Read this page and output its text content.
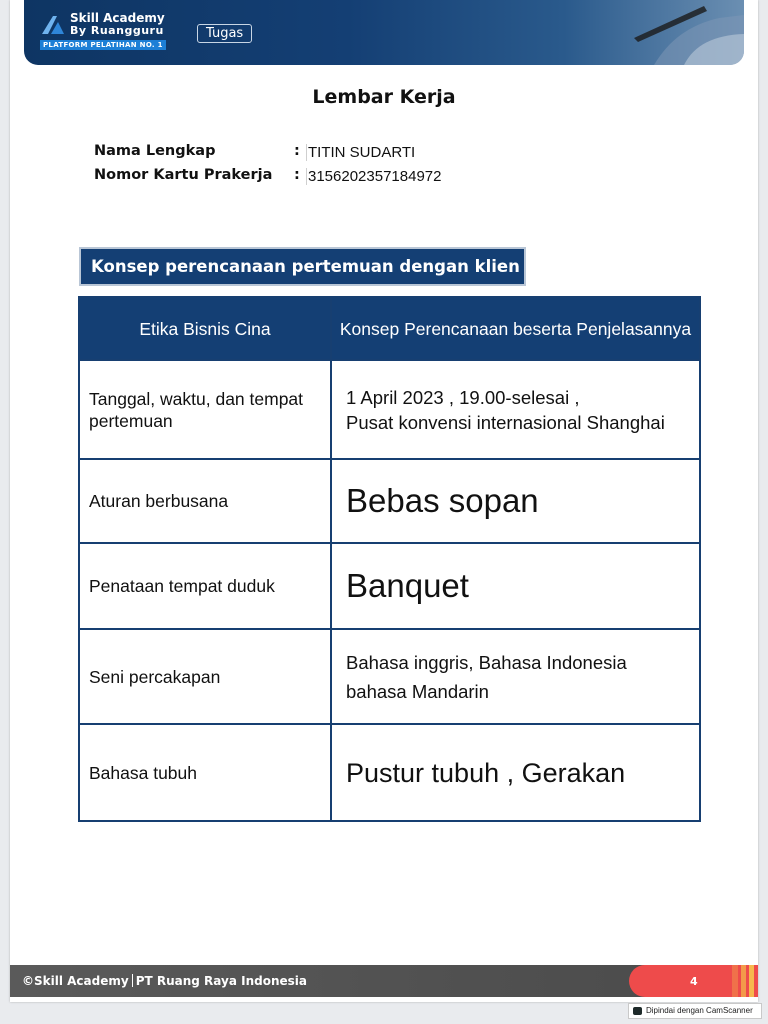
Skill Academy
By Ruangguru
PLATFORM PELATIHAN NO. 1
Tugas
Lembar Kerja
Nama Lengkap	: TITIN SUDARTI
Nomor Kartu Prakerja : 3156202357184972
Konsep perencanaan pertemuan dengan klien
Etika Bisnis Cina	Konsep Perencanaan beserta Penjelasannya
Tanggal, waktu, dan tempat pertemuan	1 April 2023 , 19.00-selesai ,
Pusat konvensi internasional Shanghai
Aturan berbusana	Bebas sopan
Penataan tempat duduk	Banquet
Seni percakapan	Bahasa inggris, Bahasa Indonesia
bahasa Mandarin
Bahasa tubuh	Pustur tubuh , Gerakan
©Skill Academy PT Ruang Raya Indonesia	4
Dipindai dengan CamScanner
